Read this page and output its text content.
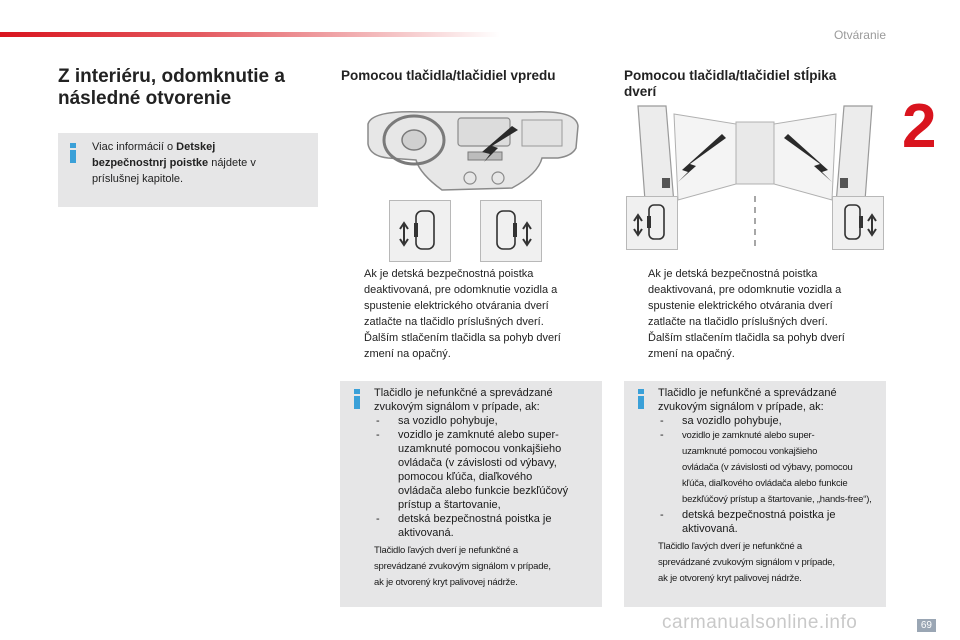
Otváranie
2
Z interiéru, odomknutie a
následné otvorenie
Viac informácií o Detskej
bezpečnostnrj poistke nájdete v
príslušnej kapitole.
Pomocou tlačidla/tlačidiel vpredu
Ak je detská bezpečnostná poistka
deaktivovaná, pre odomknutie vozidla a
spustenie elektrického otvárania dverí
zatlačte na tlačidlo príslušných dverí.
Ďalším stlačením tlačidla sa pohyb dverí
zmení na opačný.
Tlačidlo je nefunkčné a sprevádzané
zvukovým signálom v prípade, ak:
- sa vozidlo pohybuje,
- vozidlo je zamknuté alebo super-
uzamknuté pomocou vonkajšieho
ovládača (v závislosti od výbavy,
pomocou kľúča, diaľkového
ovládača alebo funkcie bezkľúčový
prístup a štartovanie,
- detská bezpečnostná poistka je
aktivovaná.
Tlačidlo ľavých dverí je nefunkčné a
sprevádzané zvukovým signálom v prípade,
ak je otvorený kryt palivovej nádrže.
Pomocou tlačidla/tlačidiel stĺpika
dverí
Ak je detská bezpečnostná poistka
deaktivovaná, pre odomknutie vozidla a
spustenie elektrického otvárania dverí
zatlačte na tlačidlo príslušných dverí.
Ďalším stlačením tlačidla sa pohyb dverí
zmení na opačný.
Tlačidlo je nefunkčné a sprevádzané
zvukovým signálom v prípade, ak:
- sa vozidlo pohybuje,
- vozidlo je zamknuté alebo super-
uzamknuté pomocou vonkajšieho
ovládača (v závislosti od výbavy, pomocou
kľúča, diaľkového ovládača alebo funkcie
bezkľúčový prístup a štartovanie, „hands-free“),
- detská bezpečnostná poistka je
aktivovaná.
Tlačidlo ľavých dverí je nefunkčné a
sprevádzané zvukovým signálom v prípade,
ak je otvorený kryt palivovej nádrže.
carmanualsonline.info	69
